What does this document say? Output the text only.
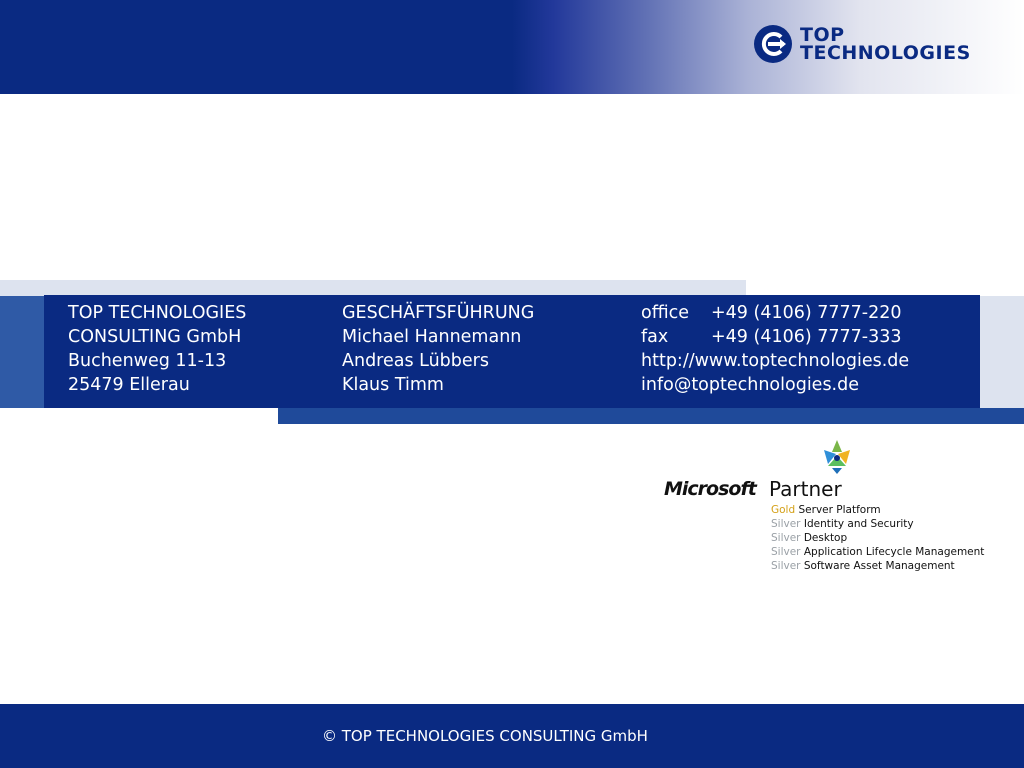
TOP
TECHNOLOGIES
TOP TECHNOLOGIES
CONSULTING GmbH
Buchenweg 11-13
25479 Ellerau
GESCHÄFTSFÜHRUNG
Michael Hannemann
Andreas Lübbers
Klaus Timm
office +49 (4106) 7777-220
fax +49 (4106) 7777-333
http://www.toptechnologies.de
info@toptechnologies.de
Microsoft Partner
Gold Server Platform
Silver Identity and Security
Silver Desktop
Silver Application Lifecycle Management
Silver Software Asset Management
© TOP TECHNOLOGIES CONSULTING GmbH
